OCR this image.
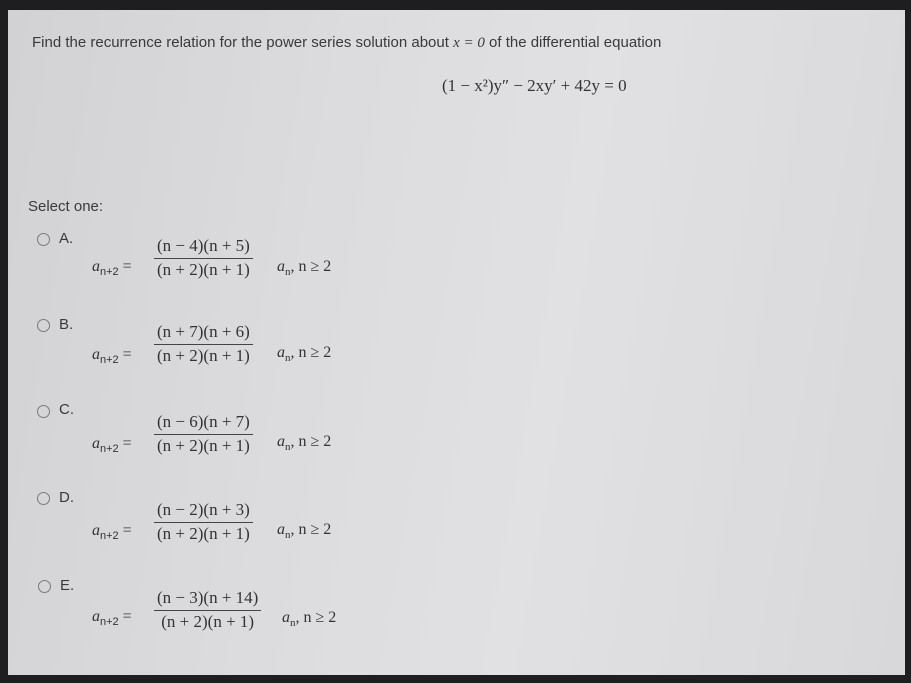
Find the recurrence relation for the power series solution about x = 0 of the differential equation
(1 − x²)y″ − 2xy′ + 42y = 0
Select one:
A.
$a_{n+2}$ =
(n − 4)(n + 5)
(n + 2)(n + 1) $a_n$, n ≥ 2
B.
$a_{n+2}$ =
(n + 7)(n + 6)
(n + 2)(n + 1) $a_n$, n ≥ 2
C.
$a_{n+2}$ =
(n − 6)(n + 7)
(n + 2)(n + 1) $a_n$, n ≥ 2
D.
$a_{n+2}$ =
(n − 2)(n + 3)
(n + 2)(n + 1) $a_n$, n ≥ 2
E.
$a_{n+2}$ =
(n − 3)(n + 14)
(n + 2)(n + 1)	$a_n$, n ≥ 2
